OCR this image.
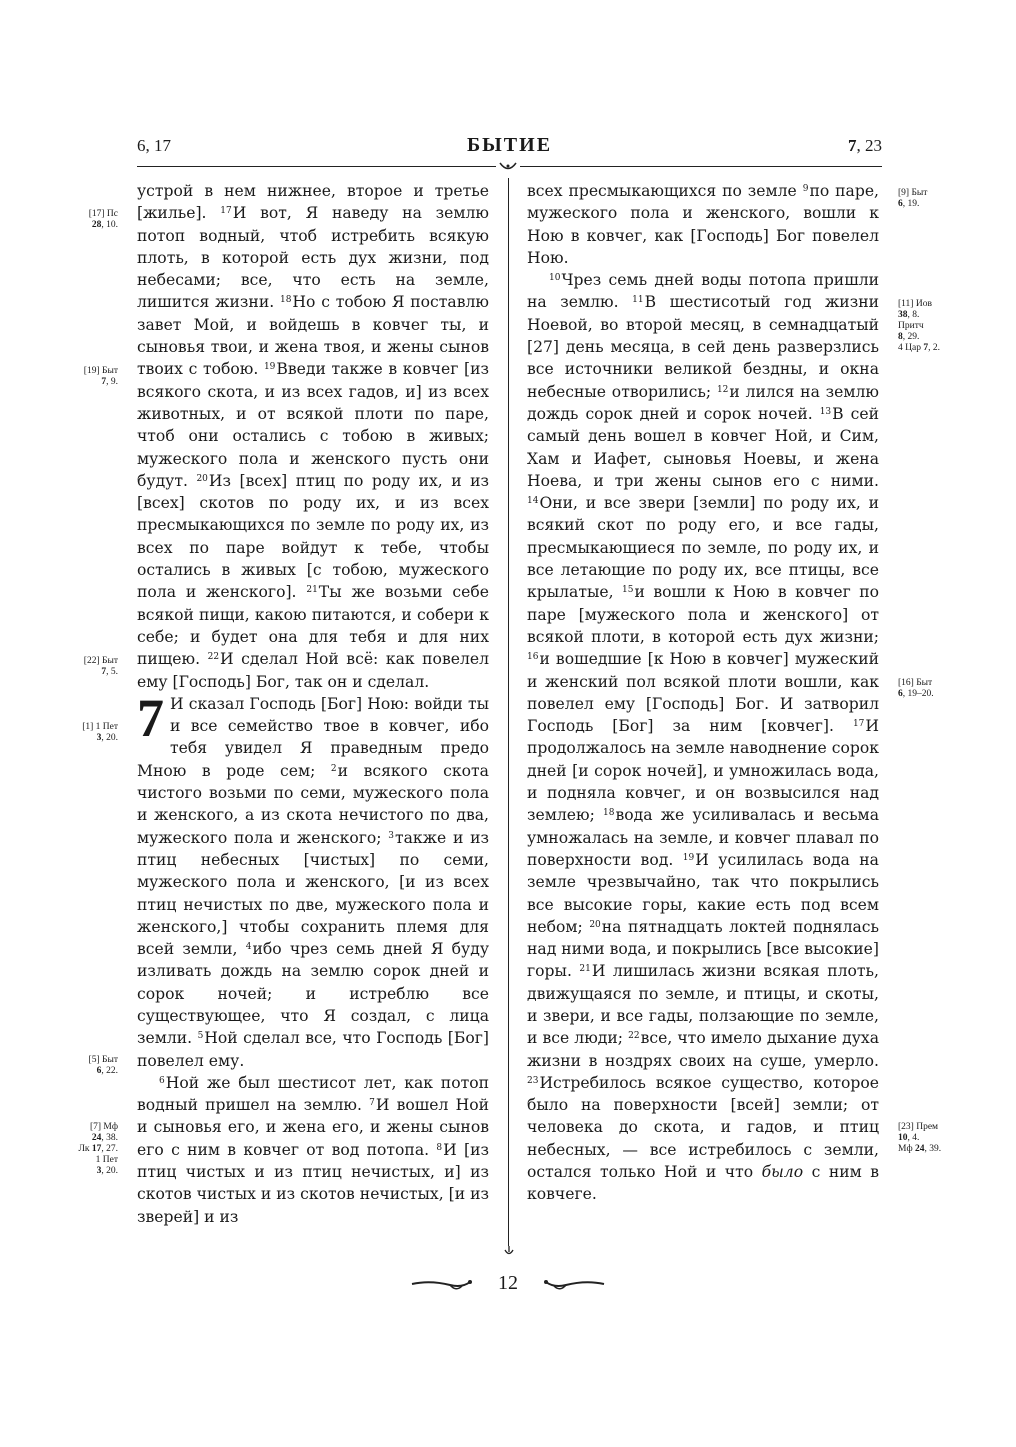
6, 17	БЫТИЕ	7, 23

устрой в нем нижнее, второе и третье [жилье]. $^{17}$И вот, Я наведу на землю потоп водный, чтоб истребить всякую плоть, в которой есть дух жизни, под небесами; все, что есть на земле, лишится жизни. $^{18}$Но с тобою Я поставлю завет Мой, и войдешь в ковчег ты, и сыновья твои, и жена твоя, и жены сынов твоих с тобою. $^{19}$Введи также в ковчег [из всякого скота, и из всех гадов, и] из всех животных, и от всякой плоти по паре, чтоб они остались с тобою в живых; мужеского пола и женского пусть они будут. $^{20}$Из [всех] птиц по роду их, и из [всех] скотов по роду их, и из всех пресмыкающихся по земле по роду их, из всех по паре войдут к тебе, чтобы остались в живых [с тобою, мужеского пола и женского]. $^{21}$Ты же возьми себе всякой пищи, какою питаются, и собери к себе; и будет она для тебя и для них пищею. $^{22}$И сделал Ной всё: как повелел ему [Господь] Бог, так он и сделал.

7 И сказал Господь [Бог] Ною: войди ты и все семейство твое в ковчег, ибо тебя увидел Я праведным предо Мною в роде сем; $^2$и всякого скота чистого возьми по семи, мужеского пола и женского, а из скота нечистого по два, мужеского пола и женского; $^3$также и из птиц небесных [чистых] по семи, мужеского пола и женского, [и из всех птиц нечистых по две, мужеского пола и женского,] чтобы сохранить племя для всей земли, $^4$ибо чрез семь дней Я буду изливать дождь на землю сорок дней и сорок ночей; и истреблю все существующее, что Я создал, с лица земли. $^5$Ной сделал все, что Господь [Бог] повелел ему.

$^6$Ной же был шестисот лет, как потоп водный пришел на землю. $^7$И вошел Ной и сыновья его, и жена его, и жены сынов его с ним в ковчег от вод потопа. $^8$И [из птиц чистых и из птиц нечистых, и] из скотов чистых и из скотов нечистых, [и из зверей] и из

всех пресмыкающихся по земле $^9$по паре, мужеского пола и женского, вошли к Ною в ковчег, как [Господь] Бог повелел Ною.

$^{10}$Чрез семь дней воды потопа пришли на землю. $^{11}$В шестисотый год жизни Ноевой, во второй месяц, в семнадцатый [27] день месяца, в сей день разверзлись все источники великой бездны, и окна небесные отворились; $^{12}$и лился на землю дождь сорок дней и сорок ночей. $^{13}$В сей самый день вошел в ковчег Ной, и Сим, Хам и Иафет, сыновья Ноевы, и жена Ноева, и три жены сынов его с ними. $^{14}$Они, и все звери [земли] по роду их, и всякий скот по роду его, и все гады, пресмыкающиеся по земле, по роду их, и все летающие по роду их, все птицы, все крылатые, $^{15}$и вошли к Ною в ковчег по паре [мужеского пола и женского] от всякой плоти, в которой есть дух жизни; $^{16}$и вошедшие [к Ною в ковчег] мужеский и женский пол всякой плоти вошли, как повелел ему [Господь] Бог. И затворил Господь [Бог] за ним [ковчег]. $^{17}$И продолжалось на земле наводнение сорок дней [и сорок ночей], и умножилась вода, и подняла ковчег, и он возвысился над землею; $^{18}$вода же усиливалась и весьма умножалась на земле, и ковчег плавал по поверхности вод. $^{19}$И усилилась вода на земле чрезвычайно, так что покрылись все высокие горы, какие есть под всем небом; $^{20}$на пятнадцать локтей поднялась над ними вода, и покрылись [все высокие] горы. $^{21}$И лишилась жизни всякая плоть, движущаяся по земле, и птицы, и скоты, и звери, и все гады, ползающие по земле, и все люди; $^{22}$все, что имело дыхание духа жизни в ноздрях своих на суше, умерло. $^{23}$Истребилось всякое существо, которое было на поверхности [всей] земли; от человека до скота, и гадов, и птиц небесных, — все истребилось с земли, остался только Ной и что было с ним в ковчеге.

[17] Пс
28, 10.
[19] Быт
7, 9.
[22] Быт
7, 5.
[1] 1 Пет
3, 20.
[5] Быт
6, 22.
[7] Мф
24, 38.
Лк 17, 27.
1 Пет
3, 20.
[9] Быт
6, 19.
[11] Иов
38, 8.
Притч
8, 29.
4 Цар 7, 2.
[16] Быт
6, 19–20.
[23] Прем
10, 4.
Мф 24, 39.
12
